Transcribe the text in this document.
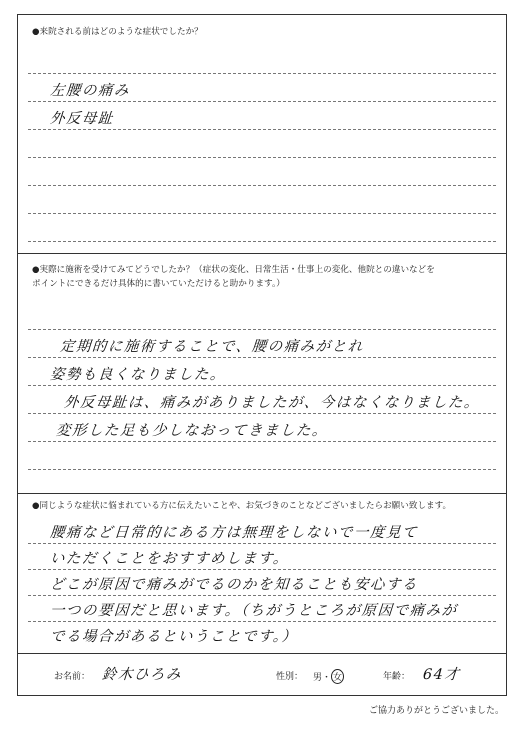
●来院される前はどのような症状でしたか？
左腰の痛み
外反母趾
●実際に施術を受けてみてどうでしたか？（症状の変化、日常生活・仕事上の変化、他院との違いなどを
ポイントにできるだけ具体的に書いていただけると助かります。）
定期的に施術することで、腰の痛みがとれ
姿勢も良くなりました。
外反母趾は、痛みがありましたが、今はなくなりました。
変形した足も少しなおってきました。
●同じような症状に悩まれている方に伝えたいことや、お気づきのことなどございましたらお願い致します。
腰痛など日常的にある方は無理をしないで一度見て
いただくことをおすすめします。
どこが原因で痛みがでるのかを知ることも安心する
一つの要因だと思います。（ちがうところが原因で痛みが
でる場合があるということです。）
お名前： 鈴木ひろみ	性別： 男・ 女	年齢： 64才
ご協力ありがとうございました。
